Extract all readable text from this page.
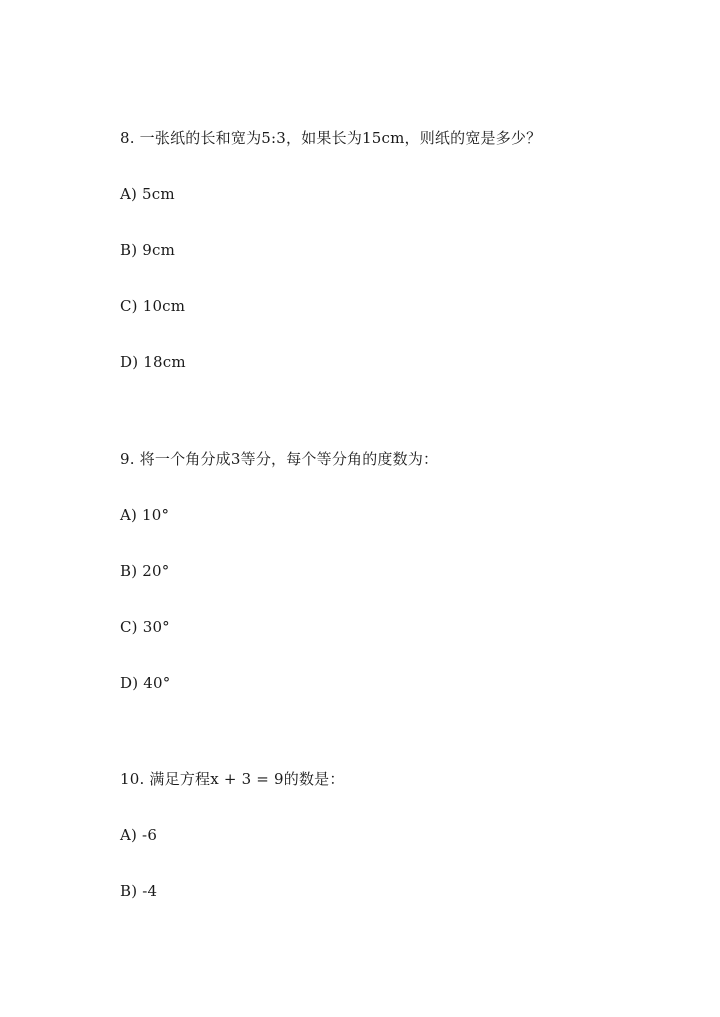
8. 一张纸的长和宽为5:3，如果长为15cm，则纸的宽是多少？
A) 5cm
B) 9cm
C) 10cm
D) 18cm
9. 将一个角分成3等分，每个等分角的度数为：
A) 10°
B) 20°
C) 30°
D) 40°
10. 满足方程x + 3 = 9的数是：
A) -6
B) -4
